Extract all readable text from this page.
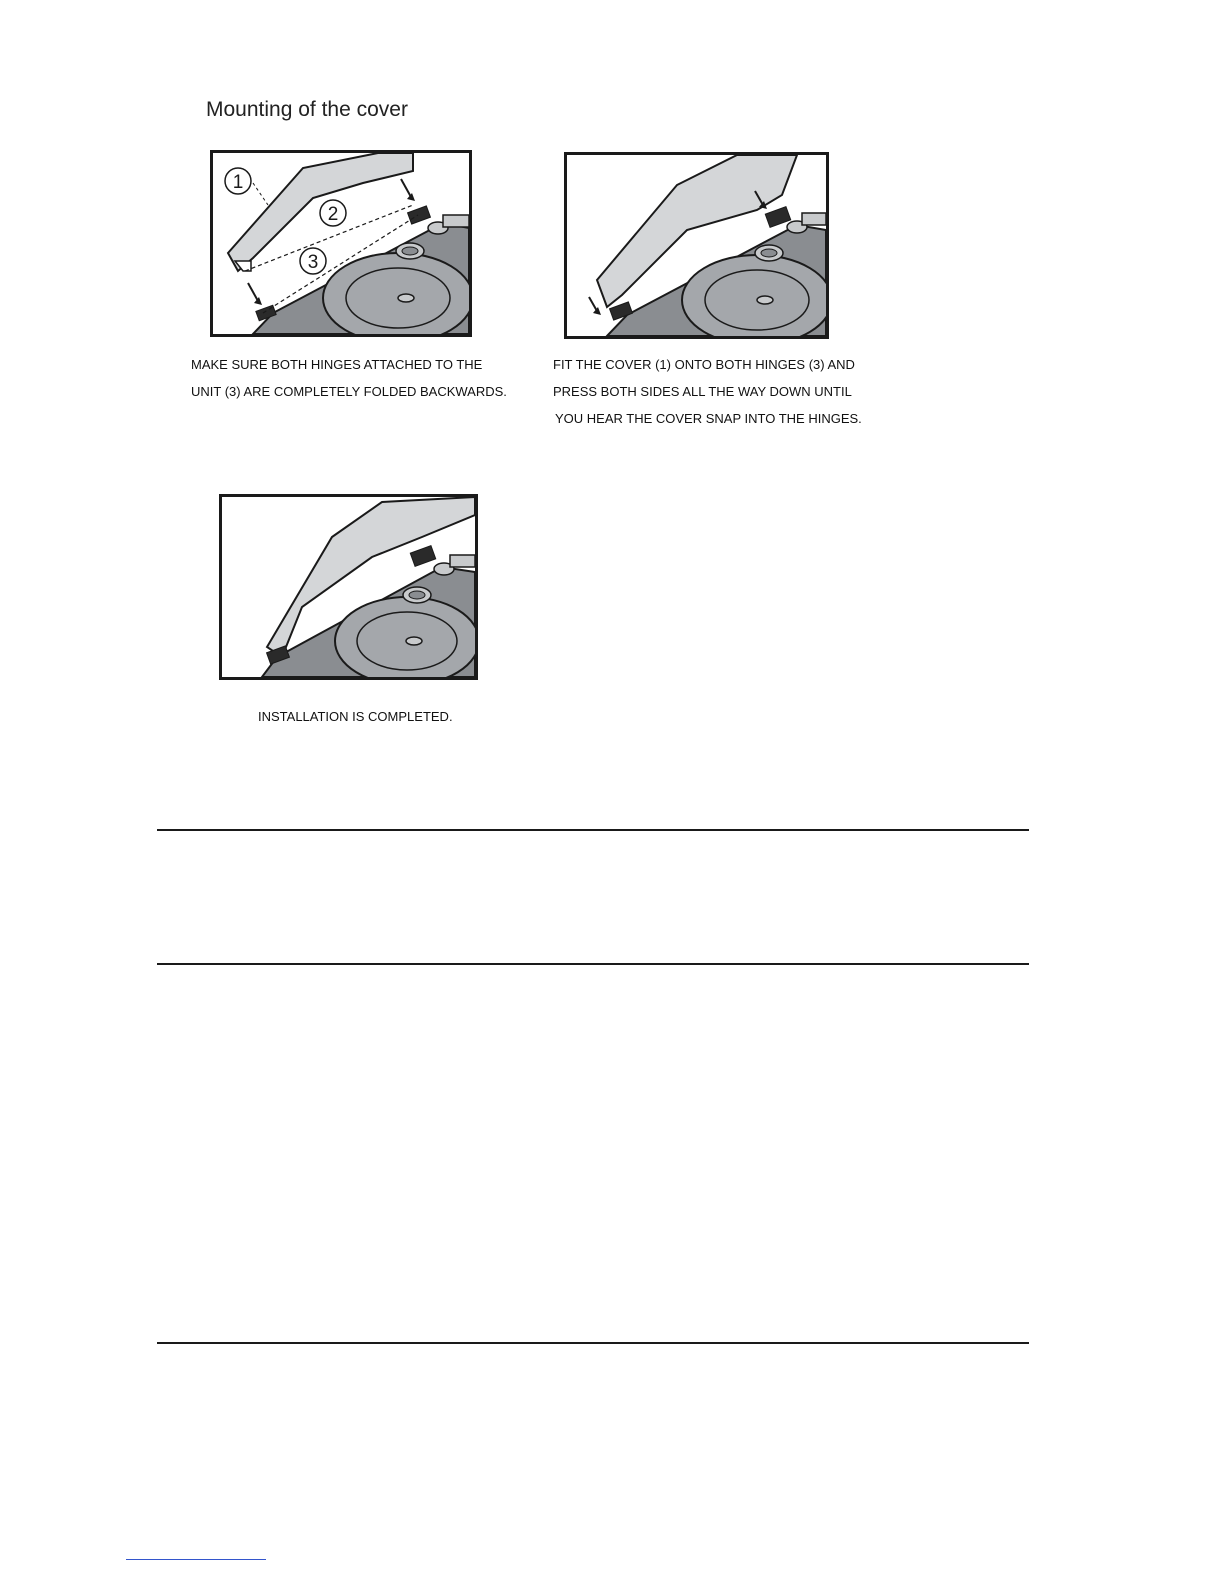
Mounting of the cover
1
2
3

MAKE SURE BOTH HINGES ATTACHED TO THE
UNIT (3) ARE COMPLETELY FOLDED BACKWARDS.

FIT THE COVER (1) ONTO BOTH HINGES (3) AND
PRESS BOTH SIDES ALL THE WAY DOWN UNTIL
YOU HEAR THE COVER SNAP INTO THE HINGES.

INSTALLATION IS COMPLETED.
